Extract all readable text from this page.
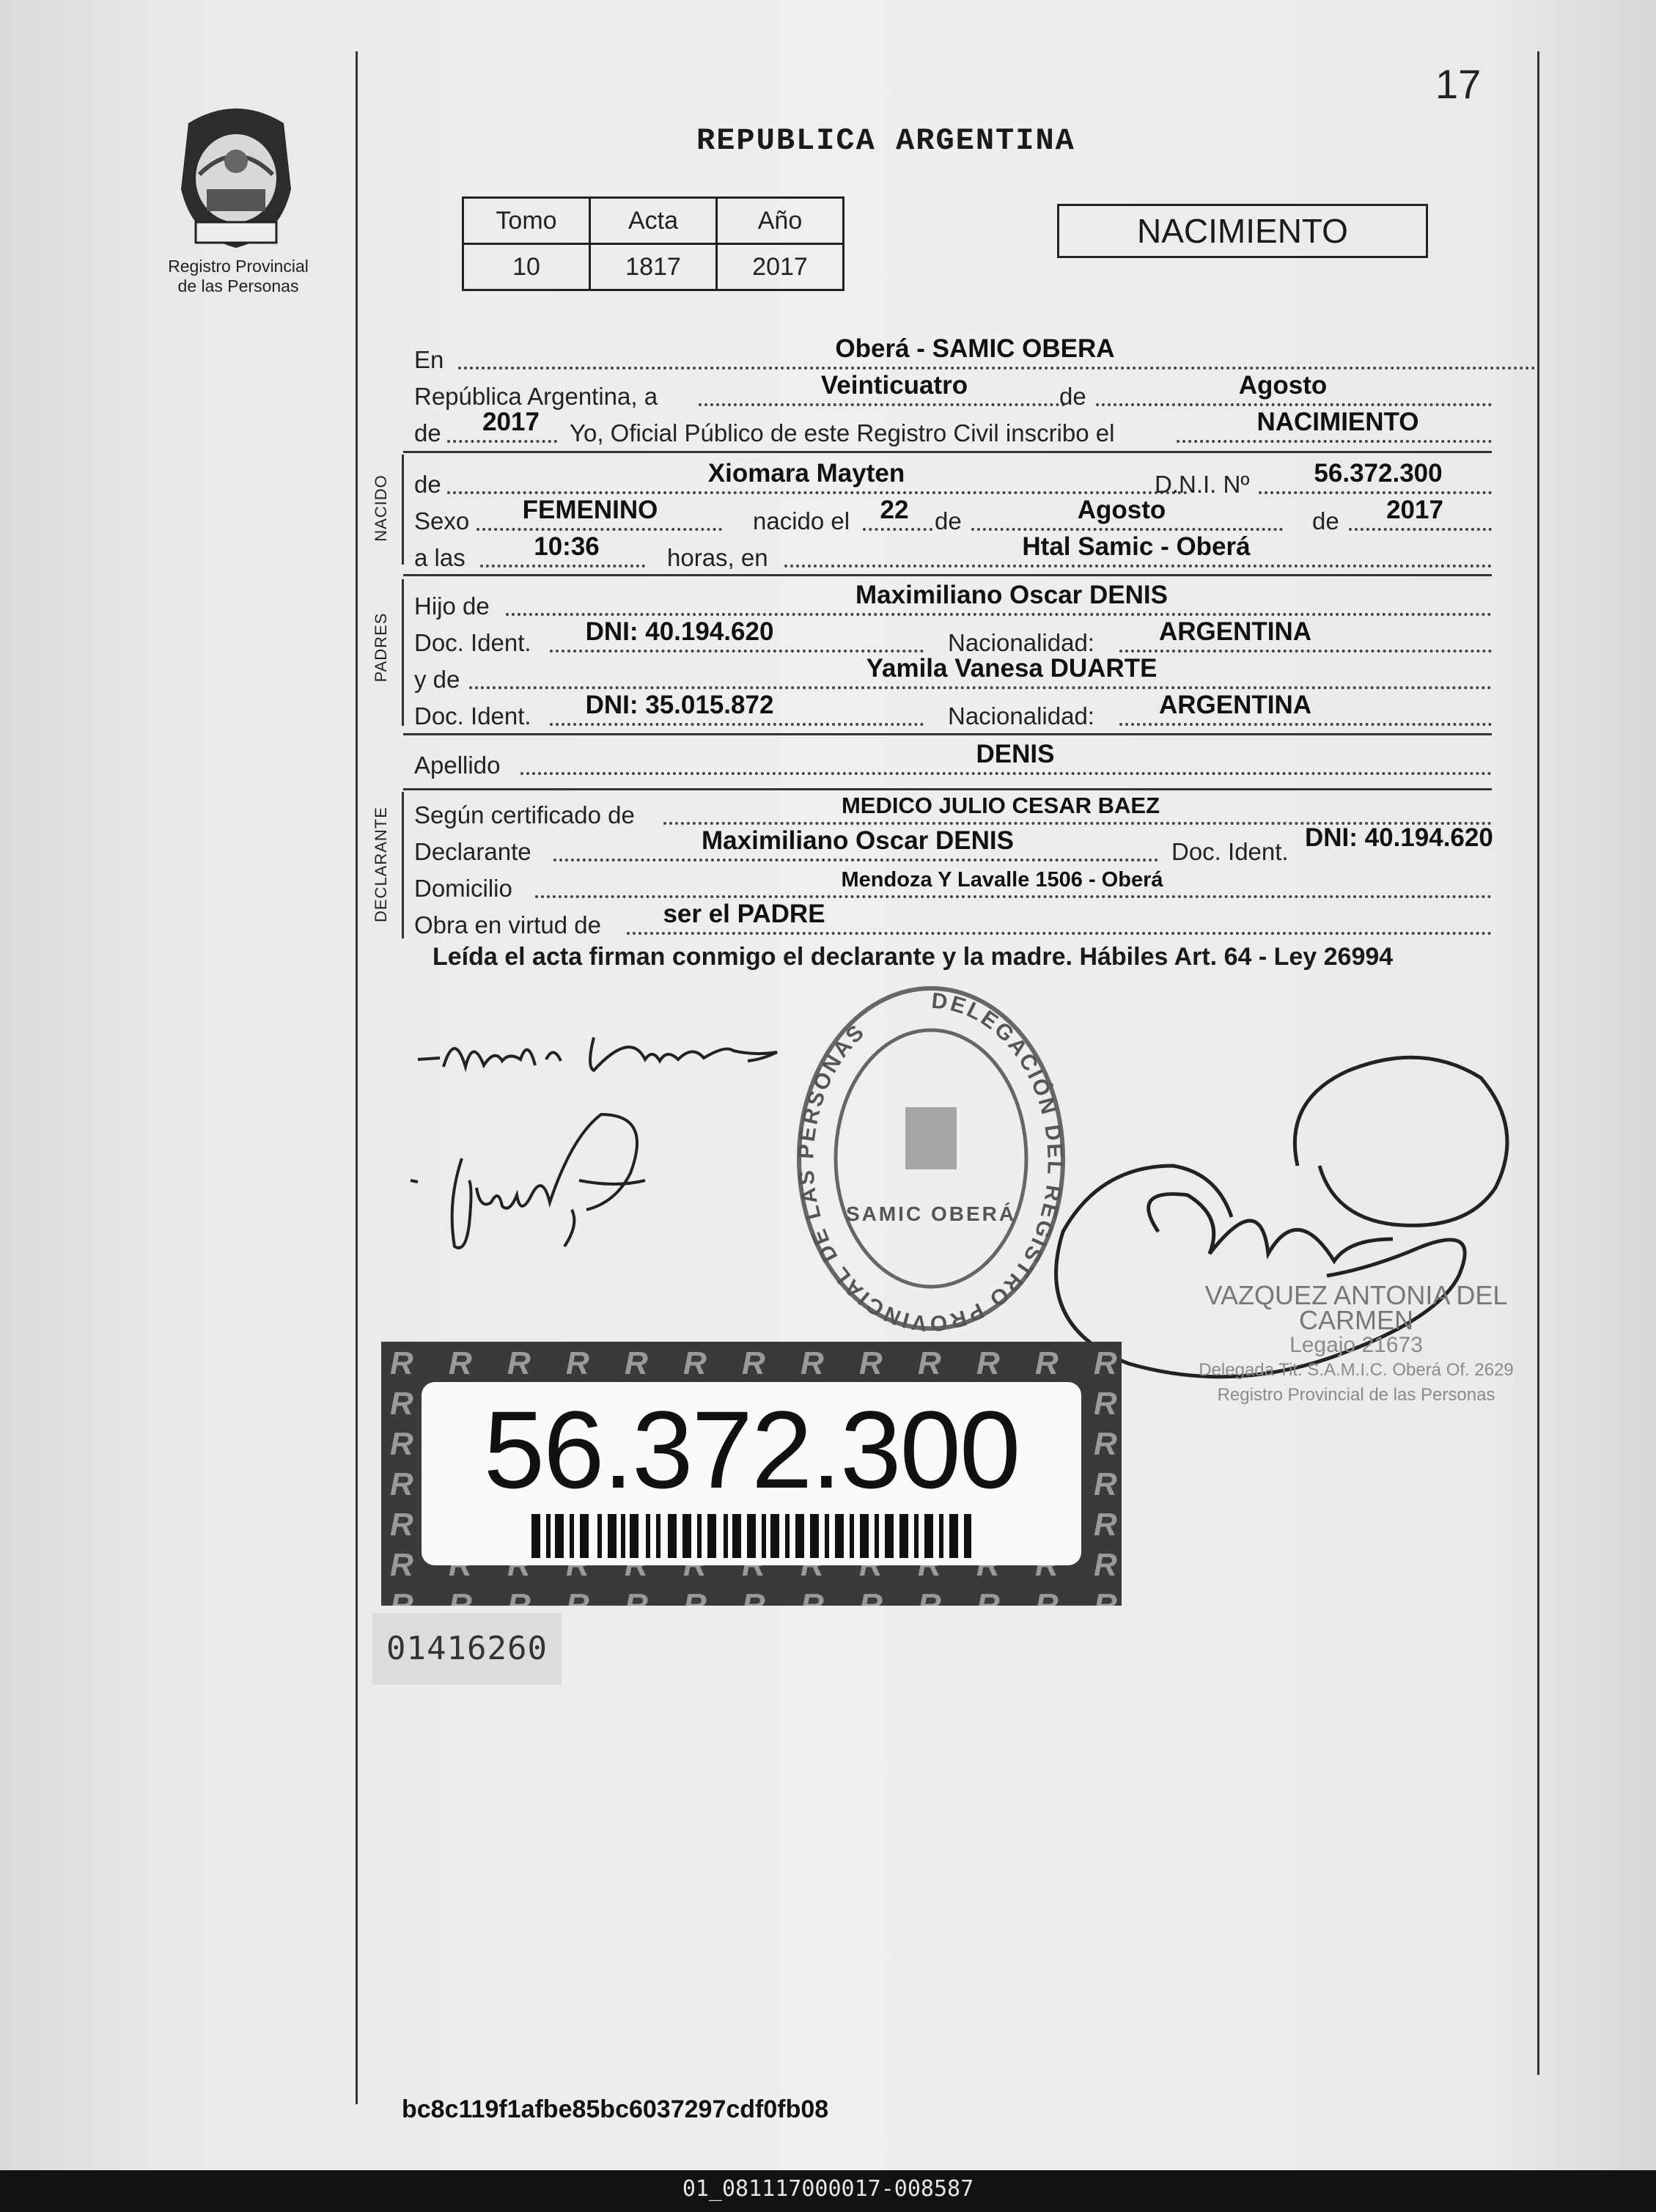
Registro Provincial
de las Personas
17
REPUBLICA ARGENTINA
Tomo	Acta	Año
10	1817	2017
NACIMIENTO
En	Oberá - SAMIC OBERA
República Argentina, a	Veinticuatro	de	Agosto
de 2017 Yo, Oficial Público de este Registro Civil inscribo el	NACIMIENTO
NACIDO de	Xiomara Mayten	D.N.I. Nº	56.372.300
Sexo FEMENINO	nacido el 22 de	Agosto	de 2017
a las	10:36	horas, en	Htal Samic - Oberá
PADRES
Hijo de	Maximiliano Oscar DENIS
Doc. Ident. DNI: 40.194.620	Nacionalidad:	ARGENTINA
y de	Yamila Vanesa DUARTE
Doc. Ident. DNI: 35.015.872	Nacionalidad:	ARGENTINA
Apellido	DENIS
DECLARANTE Según certificado de	MEDICO JULIO CESAR BAEZ
Declarante	Maximiliano Oscar DENIS	Doc. Ident. DNI: 40.194.620
Domicilio	Mendoza Y Lavalle 1506 - Oberá
Obra en virtud de ser el PADRE
Leída el acta firman conmigo el declarante y la madre. Hábiles Art. 64 - Ley 26994
DELEGACIÓN DEL REGISTRO PROVINCIAL DE LAS PERSONAS
SAMIC OBERÁ
VAZQUEZ ANTONIA DEL CARMEN
Legajo 21673
Delegada Tit. S.A.M.I.C. Oberá Of. 2629
Registro Provincial de las Personas
56.372.300
01416260
bc8c119f1afbe85bc6037297cdf0fb08
01_081117000017-008587
